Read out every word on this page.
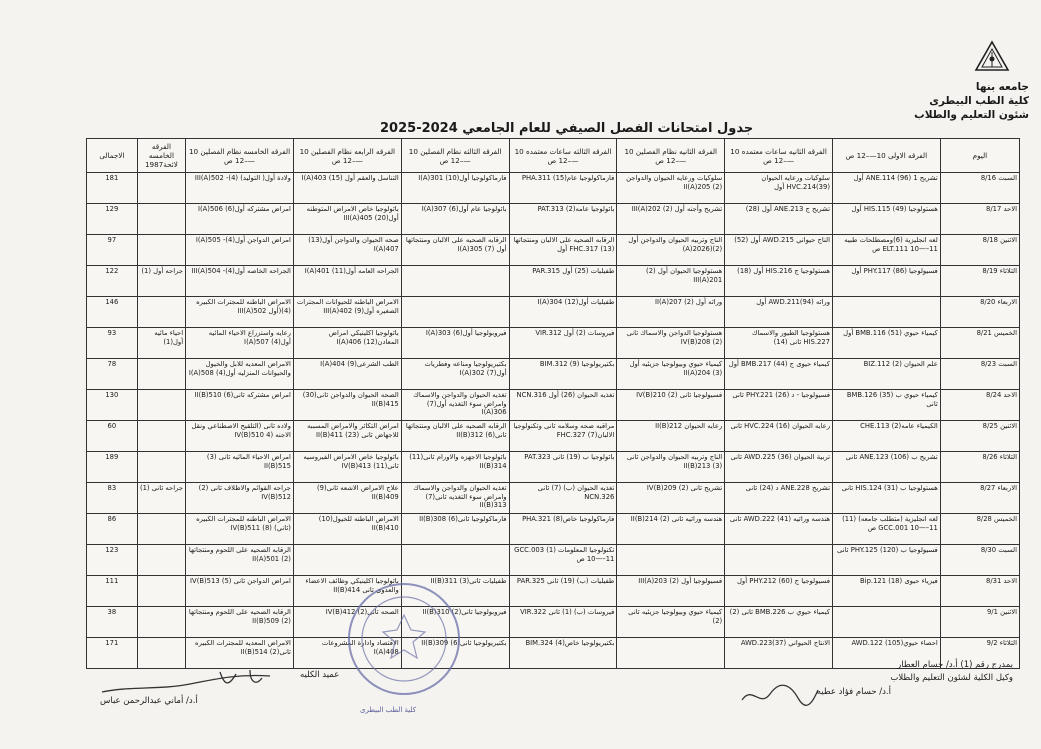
جامعه بنها
كلية الطب البيطرى
شئون التعليم والطلاب
جدول امتحانات الفصل الصيفي للعام الجامعي 2024-2025
اليوم	الفرقه الاولى 10—–12 ص	الفرقه الثانيه ساعات معتمده 10—–12 ص	الفرقه الثانيه نظام الفصلين 10—–12 ص	الفرقه الثالثه ساعات معتمده 10—–12 ص	الفرقه الثالثه نظام الفصلين 10—–12 ص	الفرقه الرابعه نظام الفصلين 10—–12 ص	الفرقه الخامسه نظام الفصلين 10—–12 ص	الفرقه الخامسه لائحة1987	الاجمالى
السبت 8/16	تشريح 1 ANE.114 (96) أول	سلوكيات ورعايه الحيوان HVC.214(39) أول	سلوكيات ورعايه الحيوان والدواجن (2) 205(A)II	فارماكولوجيا عام(15) PHA.311	فارماكولوجيا أول(10) 301(A)I	التناسل والعقم أول (15) 403(A)I	ولادة أول( التوليد) (4)- 502(A)III		181
الاحد 8/17	هستولوجيا HIS.115 (49) أول	تشريح ج ANE.213 أول (28)	تشريح وأجنه أول (2) 202(A)III	باثولوجيا عامه(2) PAT.313	باثولوجيا عام أول(6) 307(A)I	باثولوجيا خاص الامراض المتوطنه أول(20) 405(A)III	امراض مشتركه أول(6) 506(A)I		129
الاثنين 8/18	لغه انجليزية (6)ومصطلحات طبيه ELT.111 10—–11 ص	الناج حيواني AWD.215 أول (52)	الناج وتربيه الحيوان والدواجن أول (2)(2026(A)	الرقابه الصحيه على الالبان ومنتجاتها FHC.317 (13) أول	الرقابه الصحيه على الالبان ومنتجاتها أول (7) 305(A)I	صحه الحيوان والدواجن أول(13) 407(A)I	امراض الدواجن أول(4)- 505(A)I		97
الثلاثاء 8/19	فسيولوجيا PHY.117 (86) أول	هستولوجيا ج HIS.216 أول (18)	هستولوجيا الحيوان أول (2) 201(A)III	طفيليات (25) أول PAR.315		الجراحه العامه أول(11) 401(A)I	الجراحه الخاصه أول(4)- 504(A)III	جراحه أول (1)	122
الاربعاء 8/20		وراثه AWD.211(94) أول	وراثه أول (2) 207(A)II	طفيليات أول(12) 304(A)I		الامراض الباطنه للحيوانات المجترات الصغيره أول(9) 402(A)III	الامراض الباطنه للمجترات الكبيره (4)(أول 502(A)III		146
الخميس 8/21	كيمياء حيوي BMB.116 (51) أول	هستولوجيا الطيور والاسماك HIS.227 ثانى (14)	هستولوجيا الدواجن والاسماك ثانى (2) 208(B)IV	فيروسات (2) أول VIR.312	فيروبولوجيا أول(6) 303(A)I	باثولوجيا اكلينيكي امراض المعادن(12) 406(A)I	رعايه واستزراع الاحياء المائيه أول(4) 507(A)I	احياء مائيه أول(1)	93
السبت 8/23	علم الحيوان BIZ.112 (2)	كيمياء حيوى ج BMB.217 (44) أول	كيمياء حيوي وبيولوجيا جزيئيه أول (3) 204(A)II	بكتيريولوجيا (9) BIM.312	بكتيريولوجيا ومناعه وفطريات أول(7) 302(A)I	الطب الشرعى(9) 404(A)I	الامراض المعديه للابل والخيول والحيوانات المنزليه أول(4) 508(A)I		78
الاحد 8/24	كيمياء حيوي ب BMB.126 (35) ثانى	فسيولوجيا - د PHY.221 (26) ثانى	فسيولوجيا ثانى (2) 210(B)IV	تغذيه الحيوان (26) أول NCN.316	تغذيه الحيوان والدواجن والاسماك وامراض سوء التغذيه أول(7) 306(A)I	الصحه الحيوان والدواجن ثانى(30) 415(B)II	امراض مشتركه ثانى(6) 510(B)II		130
الاثنين 8/25	الكيمياء عامه(2) CHE.113	رعايه الحيوان HVC.224 (16) ثانى	رعايه الحيوان 212(B)II	مراقبه صحه وسلامه ثانى وتكنولوجيا الالبان(7) FHC.327	الرقابه الصحيه على الالبان ومنتجاتها ثانى(6) 312(B)II	امراض التكاثر والامراض المسببه للاجهاض ثانى (23) 411(B)II	ولاده ثانى (التلقيح الاصطناعي ونقل الاجنه (4 510(B)IV		60
الثلاثاء 8/26	تشريح ب ANE.123 (106) ثانى	تربية الحيوان AWD.225 (36) ثانى	الناج وتربيه الحيوان والدواجن ثانى (3) 213(B)II	باثولوجيا ب (19) ثانى PAT.323	باثولوجيا الاجهزه والاورام ثانى(11) 314(B)II	باثولوجيا خاص الامراض الفيروسيه ثانى(11) 413(B)IV	امراض الاحياء المائيه ثانى (3) 515(B)II		189
الاربعاء 8/27	هستولوجيا ب HIS.124 (31) ثانى	تشريح ANE.228 د (24) ثانى	تشريح ثانى (2) 209(B)IV	تغذيه الحيوان (ب) (7) ثانى NCN.326	تغذيه الحيوان والدواجن والاسماك وامراض سوء التغذيه ثانى(7) 313(B)II	علاج الامراض الاشعه ثانى(9) 409(B)II	جراحه القوائم والاظلاف ثانى (2) 512(B)IV	جراحه ثانى (1)	83
الخميس 8/28	لغه انجليزية (متطلب جامعه) (11) GCC.001 10—–11 ص	هندسه وراثيه AWD.222 (41) ثانى	هندسه وراثيه ثانى (2) 214(B)II	فارماكولوجيا خاص(8) PHA.321	فارماكولوجيا ثانى(6) 308(B)II	الامراض الباطنه للخيول(10) 410(B)II	الامراض الباطنه للمجترات الكبيره (ثاني) (8) 511(B)IV		86
السبت 8/30	فسيولوجيا ب PHY.125 (120) ثانى			تكنولوجيا المعلومات (1) GCC.003 10—–11 ص			الرقابه الصحيه على اللحوم ومنتجاتها (2) 501(A)II		123
الاحد 8/31	فيزياء حيوى Bip.121 (18)	فسيولوجيا ج PHY.212 (60) أول	فسيولوجيا أول (2) 203(A)III	طفيليات (ب) (19) ثانى PAR.325	طفيليات ثانى(3) 311(B)II	باثولوجيا اكلينيكي وظائف الاعضاء والعدوى ثانى 414(B)II	امراض الدواجن ثانى (5) 513(B)IV		111
الاثنين 9/1		كيمياء حيوي ب BMB.226 ثانى (2)	كيمياء حيوي وبيولوجيا جزيئيه ثانى (2)	فيروسات (ب) (1) ثانى VIR.322	فيروبولوجيا ثانى(2) 310(B)II	الصحه ثانى(2) 412(B)IV	الرقابه الصحيه على اللحوم ومنتجاتها (2) 509(B)II		38
الثلاثاء 9/2	احصاء حيوي(105) AWD.122	الانتاج الحيواني AWD.223(37)		بكتيريولوجيا خاص(4) BIM.324	بكتيريولوجيا ثانى(6) 309(B)II	الاقتصاد وادارة المشروعات 408(A)I	الامراض المعديه للمجترات الكبيره ثانى(2) 514(B)II		171
بمدرج رقم (1) أ.د/ حسام العطار
وكيل الكلية لشئون التعليم والطلاب
أ.د/ حسام فؤاد عطيه
عميد الكليه
أ.د/ أماني عبدالرحمن عباس
كلية الطب البيطرى
